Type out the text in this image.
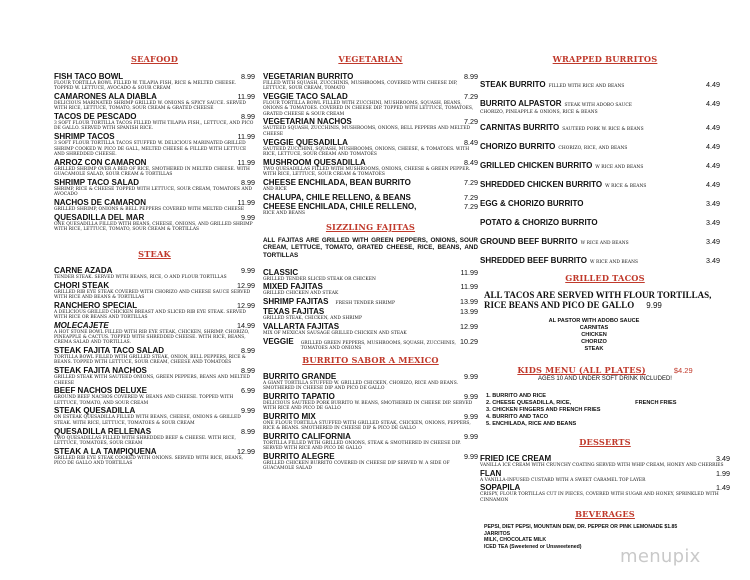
SEAFOOD
FISH TACO BOWL	8.99
FLOUR TORTILLA BOWL FILLED W. TILAPIA FISH, RICE & MELTED CHEESE. TOPPED W. LETTUCE, AVOCADO & SOUR CREAM
CAMARONES ALA DIABLA	11.99
DELICIOUS MARINATED SHRIMP GRILLED W. ONIONS & SPICY SAUCE. SERVED WITH RICE, LETTUCE, TOMATO, SOUR CREAM & GRATED CHEESE
TACOS DE PESCADO	8.99
3 SOFT FLOUR TORTILLA TACOS FILLED WITH TILAPIA FISH,, LETTUCE, AND PICO DE GALLO. SERVED WITH SPANISH RICE.
SHRIMP TACOS	11.99
3 SOFT FLOUR TORTILLA TACOS STUFFED W. DELICIOUS MARINATED GRILLED SHRIMP COOKED W. PICO DE GALL, MELTED CHEESE & FILLED WITH LETTUCE AND SHREDDED CHEESE.
ARROZ CON CAMARON	11.99
GRILLED SHRIMP OVER A BED OF RICE, SMOTHERED IN MELTED CHEESE. WITH GUACAMOLE SALAD, SOUR CREAM & TORTILLAS
SHRIMP TACO SALAD	8.99
SHRIMP, RICE & CHEESE TOPPED WITH LETTUCE, SOUR CREAM, TOMATOES AND AVOCADO
NACHOS DE CAMARON	11.99
GRILLED SHRIMP, ONIONS & BELL PEPPERS COVERED WITH MELTED CHEESE
QUESADILLA DEL MAR	9.99
ONE QUESADILLA FILLED WITH BEANS, CHEESE, ONIONS, AND GRILLED SHRIMP WITH RICE, LETTUCE, TOMATO, SOUR CREAM & TORTILLAS
STEAK
CARNE AZADA	9.99
TENDER STEAK. SERVED WITH BEANS, RICE, O AND FLOUR TORTILLAS
CHORI STEAK	12.99
GRILLED RIB EYE STEAK COVERED WITH CHORIZO AND CHEESE SAUCE SERVED WITH RICE AND BEANS & TORTILLAS
RANCHERO SPECIAL	12.99
A DELICIOUS GRILLED CHICKEN BREAST AND SLICED RIB EYE STEAK. SERVED WITH RICE OR BEANS AND TORTILLAS
MOLECAJETE	14.99
A HOT STONE BOWL FILLED WITH RIB EYE STEAK, CHICKEN, SHRIMP, CHORIZO, PINEAPPLE & CACTUS. TOPPED WITH SHREDDED CHEESE. WITH RICE, BEANS, CREMA SALAD AND TORTILLAS.
STEAK FAJITA TACO SALAD	8.99
TORTILLA BOWL FILLED WITH GRILLED STEAK, ONION, BELL PEPPERS, RICE & BEANS. TOPPED WITH LETTUCE, SOUR CREAM, CHEESE AND TOMATOES
STEAK FAJITA NACHOS	8.99
GRILLED STEAK WITH SAUTEED ONIONS, GREEN PEPPERS, BEANS AND MELTED CHEESE
BEEF NACHOS DELUXE	6.99
GROUND BEEF NACHOS COVERED W. BEANS AND CHEESE. TOPPED WITH LETTUCE, TOMATO, AND SOUR CREAM
STEAK QUESADILLA	9.99
ON ESTEAK QUESADILLA FILLED WITH BEANS, CHEESE, ONIONS & GRILLED STEAK. WITH RICE, LETTUCE, TOMATOES & SOUR CREAM
QUESADILLA RELLENAS	8.99
TWO QUESADILLAS FILLED WITH SHREDDED BEEF & CHEESE. WITH RICE, LETTUCE, TOMATOES, SOUR CREAM
STEAK A LA TAMPIQUENA	12.99
GRILLED RIB EYE STEAK COOKED WITH ONIONS. SERVED WITH RICE, BEANS, PICO DE GALLO AND TORTILLAS
VEGETARIAN
VEGETARIAN BURRITO	8.99
FILLED WITH SQUASH, ZUCCHINIS, MUSHROOMS, COVERED WITH CHEESE DIP, LETTUCE, SOUR CREAM, TOMATO
VEGGIE TACO SALAD	7.29
FLOUR TORTILLA BOWL FILLED WITH ZUCCHINI, MUSHROOMS, SQUASH, BEANS, ONIONS & TOMATOES. COVERED IN CHEESE DIP. TOPPED WITH LETTUCE, TOMATOES, GRATED CHEESE & SOUR CREAM
VEGETARIAN NACHOS	7.29
SAUTEED SQUASH, ZUCCHINIS, MUSHROOMS, ONIONS, BELL PEPPERS AND MELTED CHEESE
VEGGIE QUESADILLA	8.49
SAUTEED ZUCCHINI, SQUASH, MUSHROOMS, ONIONS, CHEESE, & TOMATOES. WITH RICE, LETTUCE, SOUR CREAM AND TOMATOES
MUSHROOM QUESADILLA	8.49
TWO QUESADILLAS FILLED WITH MUSHROOMS, ONIONS, CHEESE & GREEN PEPPER. WITH RICE, LETTUCE, SOUR CREAM & TOMATOES
CHEESE ENCHILADA, BEAN BURRITO	7.29
AND RICE
CHALUPA, CHILE RELLENO, & BEANS	7.29
CHEESE ENCHILADA, CHILE RELLENO,	7.29
RICE AND BEANS
SIZZLING FAJITAS
ALL FAJITAS ARE GRILLED WITH GREEN PEPPERS, ONIONS, SOUR CREAM, LETTUCE, TOMATO, GRATED CHEESE, RICE, BEANS, AND TORTILLAS
CLASSIC	11.99
GRILLED TENDER SLICED STEAK OR CHICKEN
MIXED FAJITAS	11.99
GRILLED CHICKEN AND STEAK
SHRIMP FAJITAS	FRESH TENDER SHRIMP	13.99
TEXAS FAJITAS	13.99
GRILLED STEAK, CHICKEN, AND SHRIMP
VALLARTA FAJITAS	12.99
MIX OF MEXICAN SAUSAGE GRILLED CHICKEN AND STEAK
VEGGIE	GRILLED GREEN PEPPERS, MUSHROOMS, SQUASH, ZUCCHINIS, TOMATOES AND ONIONS
10.29
BURRITO SABOR A MEXICO
BURRITO GRANDE	9.99
A GIANT TORTILLA STUFFED W. GRILLED CHICKEN, CHORIZO, RICE AND BEANS. SMOTHERED IN CHEESE DIP AND PICO DE GALLO
BURRITO TAPATIO	9.99
DELICIOUS SAUTEED PORK BURRITO W. BEANS, SMOTHERED IN CHEESE DIP. SERVED WITH RICE AND PICO DE GALLO
BURRITO MIX	9.99
ONE FLOUR TORTILLA STUFFED WITH GRILLED STEAK, CHICKEN, ONIONS, PEPPERS, RICE & BEANS. SMOTHERED IN CHEESE DIP & PICO DE GALLO
BURRITO CALIFORNIA	9.99
TORTILLA FILLED WITH GRILLED ONIONS, STEAK & SMOTHERED IN CHEESE DIP. SERVED WITH RICE AND PICO DE GALLO
BURRITO ALEGRE	9.99
GRILLED CHICKEN BURRITO COVERED IN CHEESE DIP SERVED W. A SIDE OF GUACAMOLE SALAD
WRAPPED BURRITOS
STEAK BURRITO FILLED WITH RICE AND BEANS	4.49
BURRITO ALPASTOR STEAK WITH ADOBO SAUCE	4.49
CHORIZO, PINEAPPLE & ONIONS, RICE & BEANS
CARNITAS BURRITO SAUTEED PORK W. RICE & BEANS	4.49
CHORIZO BURRITO CHORIZO, RICE, AND BEANS	4.49
GRILLED CHICKEN BURRITO W RICE AND BEANS	4.49
SHREDDED CHICKEN BURRITO W RICE & BEANS	4.49
EGG & CHORIZO BURRITO	3.49
POTATO & CHORIZO BURRITO	3.49
GROUND BEEF BURRITO W RICE AND BEANS	3.49
SHREDDED BEEF BURRITO W RICE AND BEANS	3.49
GRILLED TACOS
ALL TACOS ARE SERVED WITH FLOUR TORTILLAS,
RICE BEANS AND PICO DE GALLO 9.99
AL PASTOR WITH ADOBO SAUCE
CARNITAS
CHICKEN
CHORIZO
STEAK
KIDS MENU (ALL PLATES)	$4.29
AGES 10 AND UNDER SOFT DRINK INCLUDED!
1. BURRITO AND RICE
2. CHEESE QUESADILLA, RICE,	FRENCH FRIES
3. CHICKEN FINGERS AND FRENCH FRIES
4. BURRITO AND TACO
5. ENCHILADA, RICE AND BEANS
DESSERTS
FRIED ICE CREAM	3.49
VANILLA ICE CREAM WITH CRUNCHY COATING SERVED WITH WHIP CREAM, HONEY AND CHERRIES
FLAN	1.99
A VANILLA-INFUSED CUSTARD WITH A SWEET CARAMEL TOP LAYER
SOPAPILA	1.49
CRISPY, FLOUR TORTILLAS CUT IN PIECES, COVERED WITH SUGAR AND HONEY, SPRINKLED WITH CINNAMON
BEVERAGES
PEPSI, DIET PEPSI, MOUNTAIN DEW, DR. PEPPER OR PINK LEMONADE $1.85
JARRITOS
MILK, CHOCOLATE MILK
ICED TEA (Sweetened or Unsweetened)	menupix
